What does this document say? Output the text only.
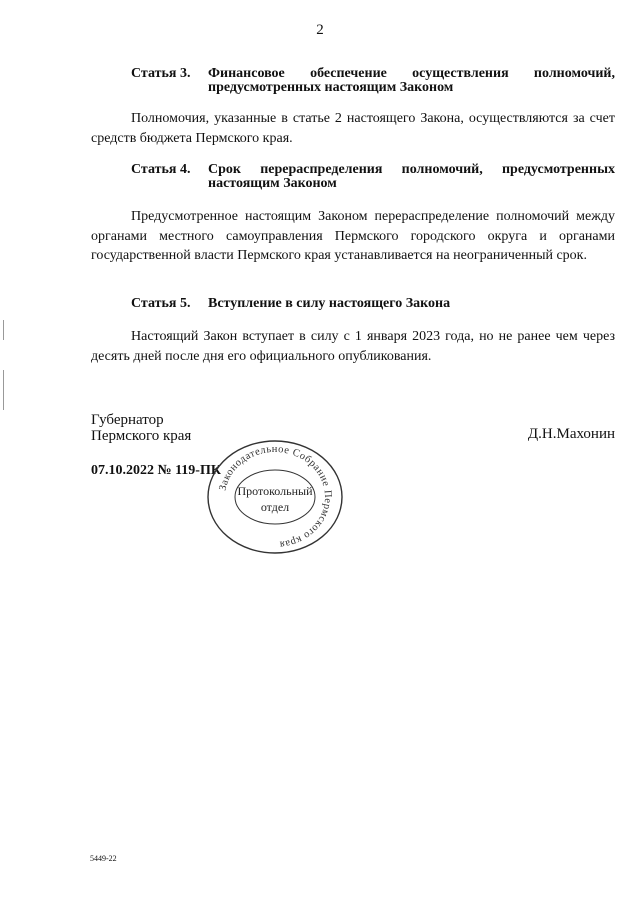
2
Статья 3. Финансовое обеспечение осуществления полномочий, предусмотренных настоящим Законом
Полномочия, указанные в статье 2 настоящего Закона, осуществляются за счет средств бюджета Пермского края.
Статья 4. Срок перераспределения полномочий, предусмотренных настоящим Законом
Предусмотренное настоящим Законом перераспределение полномочий между органами местного самоуправления Пермского городского округа и органами государственной власти Пермского края устанавливается на неограниченный срок.
Статья 5. Вступление в силу настоящего Закона
Настоящий Закон вступает в силу с 1 января 2023 года, но не ранее чем через десять дней после дня его официального опубликования.
Губернатор
Пермского края	Д.Н.Махонин
07.10.2022 № 119-ПК
Законодательное Собрание Пермского края
Протокольный
отдел
5449-22
